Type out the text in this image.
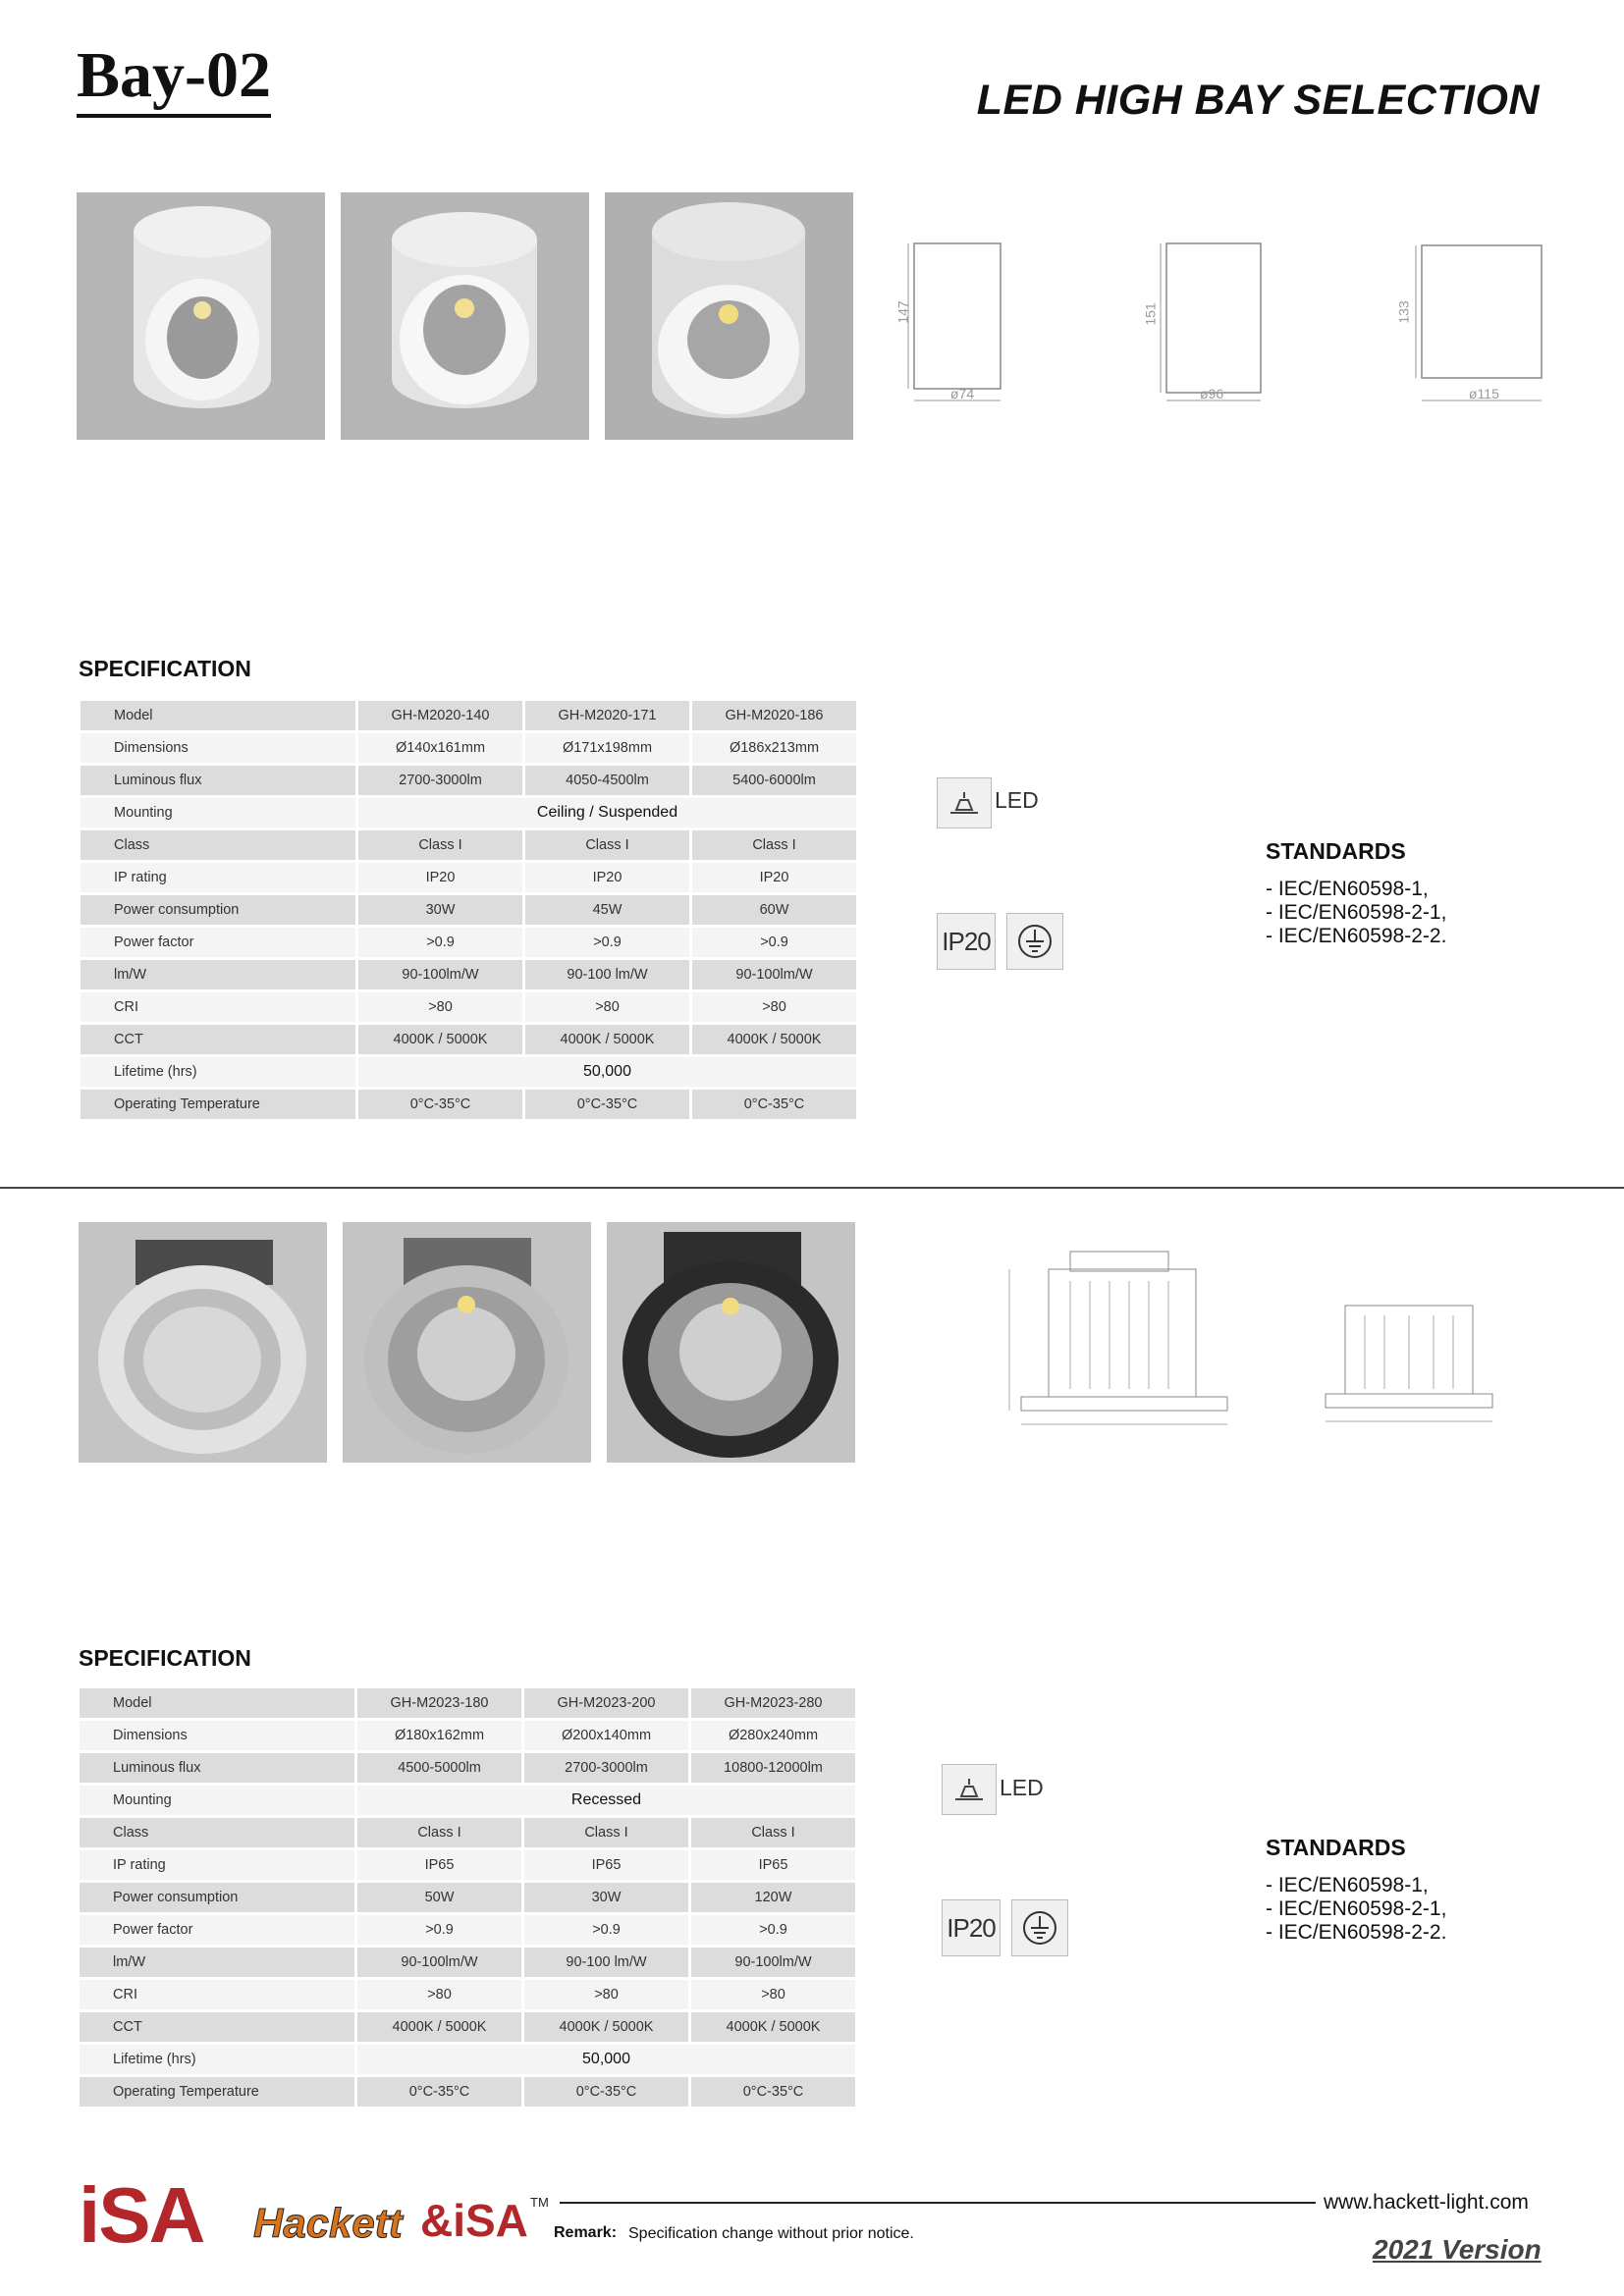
Bay-02	LED HIGH BAY SELECTION
147
ø74
151
ø96
133
ø115
SPECIFICATION
Model	GH-M2020-140	GH-M2020-171	GH-M2020-186
Dimensions	Ø140x161mm	Ø171x198mm	Ø186x213mm
Luminous flux	2700-3000lm	4050-4500lm	5400-6000lm
Mounting	Ceiling / Suspended		
Class	Class I	Class I	Class I
IP rating	IP20	IP20	IP20
Power consumption	30W	45W	60W
Power factor	>0.9	>0.9	>0.9
lm/W	90-100lm/W	90-100 lm/W	90-100lm/W
CRI	>80	>80	>80
CCT	4000K / 5000K	4000K / 5000K	4000K / 5000K
Lifetime (hrs)	50,000		
Operating Temperature	0°C-35°C	0°C-35°C	0°C-35°C
LED
IP20
STANDARDS
- IEC/EN60598-1,
- IEC/EN60598-2-1,
- IEC/EN60598-2-2.
SPECIFICATION
Model	GH-M2023-180	GH-M2023-200	GH-M2023-280
Dimensions	Ø180x162mm	Ø200x140mm	Ø280x240mm
Luminous flux	4500-5000lm	2700-3000lm	10800-12000lm
Mounting	Recessed		
Class	Class I	Class I	Class I
IP rating	IP65	IP65	IP65
Power consumption	50W	30W	120W
Power factor	>0.9	>0.9	>0.9
lm/W	90-100lm/W	90-100 lm/W	90-100lm/W
CRI	>80	>80	>80
CCT	4000K / 5000K	4000K / 5000K	4000K / 5000K
Lifetime (hrs)	50,000		
Operating Temperature	0°C-35°C	0°C-35°C	0°C-35°C
LED
IP20
STANDARDS
- IEC/EN60598-1,
- IEC/EN60598-2-1,
- IEC/EN60598-2-2.
iSA Hackett &iSA TM	www.hackett-light.com
Remark: Specification change without prior notice.
2021 Version
